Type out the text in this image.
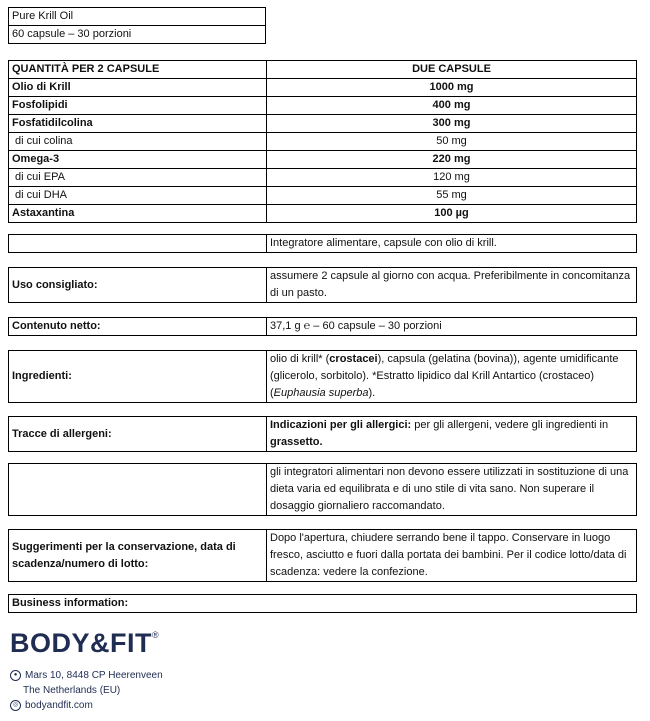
Pure Krill Oil
60 capsule – 30 porzioni
QUANTITÀ PER 2 CAPSULE	DUE CAPSULE
Olio di Krill	1000 mg
Fosfolipidi	400 mg
Fosfatidilcolina	300 mg
di cui colina	50 mg
Omega-3	220 mg
di cui EPA	120 mg
di cui DHA	55 mg
Astaxantina	100 µg
	Integratore alimentare, capsule con olio di krill.
Uso consigliato:	assumere 2 capsule al giorno con acqua. Preferibilmente in concomitanza di un pasto.
Contenuto netto:	37,1 g ℮ – 60 capsule – 30 porzioni
Ingredienti:	olio di krill* (crostacei), capsula (gelatina (bovina)), agente umidificante (glicerolo, sorbitolo). *Estratto lipidico dal Krill Antartico (crostaceo) (Euphausia superba).
Tracce di allergeni:	Indicazioni per gli allergici: per gli allergeni, vedere gli ingredienti in grassetto.
	gli integratori alimentari non devono essere utilizzati in sostituzione di una dieta varia ed equilibrata e di uno stile di vita sano. Non superare il dosaggio giornaliero raccomandato.
Suggerimenti per la conservazione, data di scadenza/numero di lotto:	Dopo l'apertura, chiudere serrando bene il tappo. Conservare in luogo fresco, asciutto e fuori dalla portata dei bambini. Per il codice lotto/data di scadenza: vedere la confezione.
Business information:
BODY&FIT®
● Mars 10, 8448 CP Heerenveen
The Netherlands (EU)
◎ bodyandfit.com
